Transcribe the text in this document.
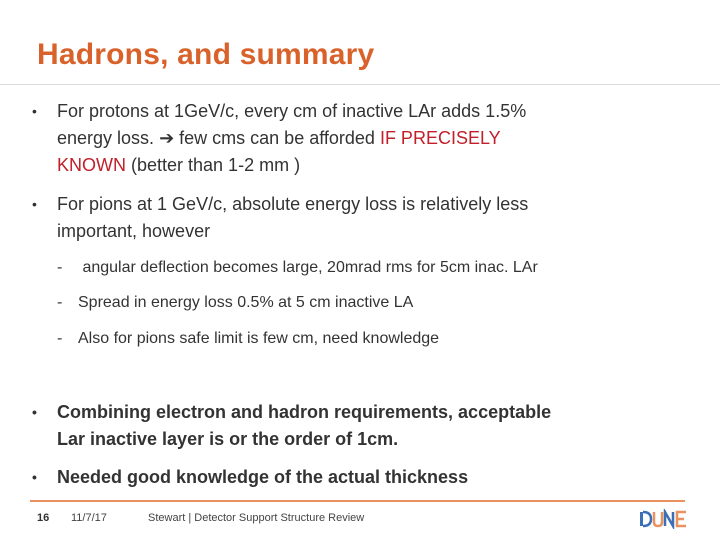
Hadrons, and summary
• For protons at 1GeV/c, every cm of inactive LAr adds 1.5%
energy loss. ➔ few cms can be afforded IF PRECISELY
KNOWN (better than 1-2 mm )
• For pions at 1 GeV/c, absolute energy loss is relatively less
important, however
- angular deflection becomes large, 20mrad rms for 5cm inac. LAr
- Spread in energy loss 0.5% at 5 cm inactive LA
- Also for pions safe limit is few cm, need knowledge
• Combining electron and hadron requirements, acceptable
Lar inactive layer is or the order of 1cm.
• Needed good knowledge of the actual thickness
16 11/7/17	Stewart | Detector Support Structure Review
